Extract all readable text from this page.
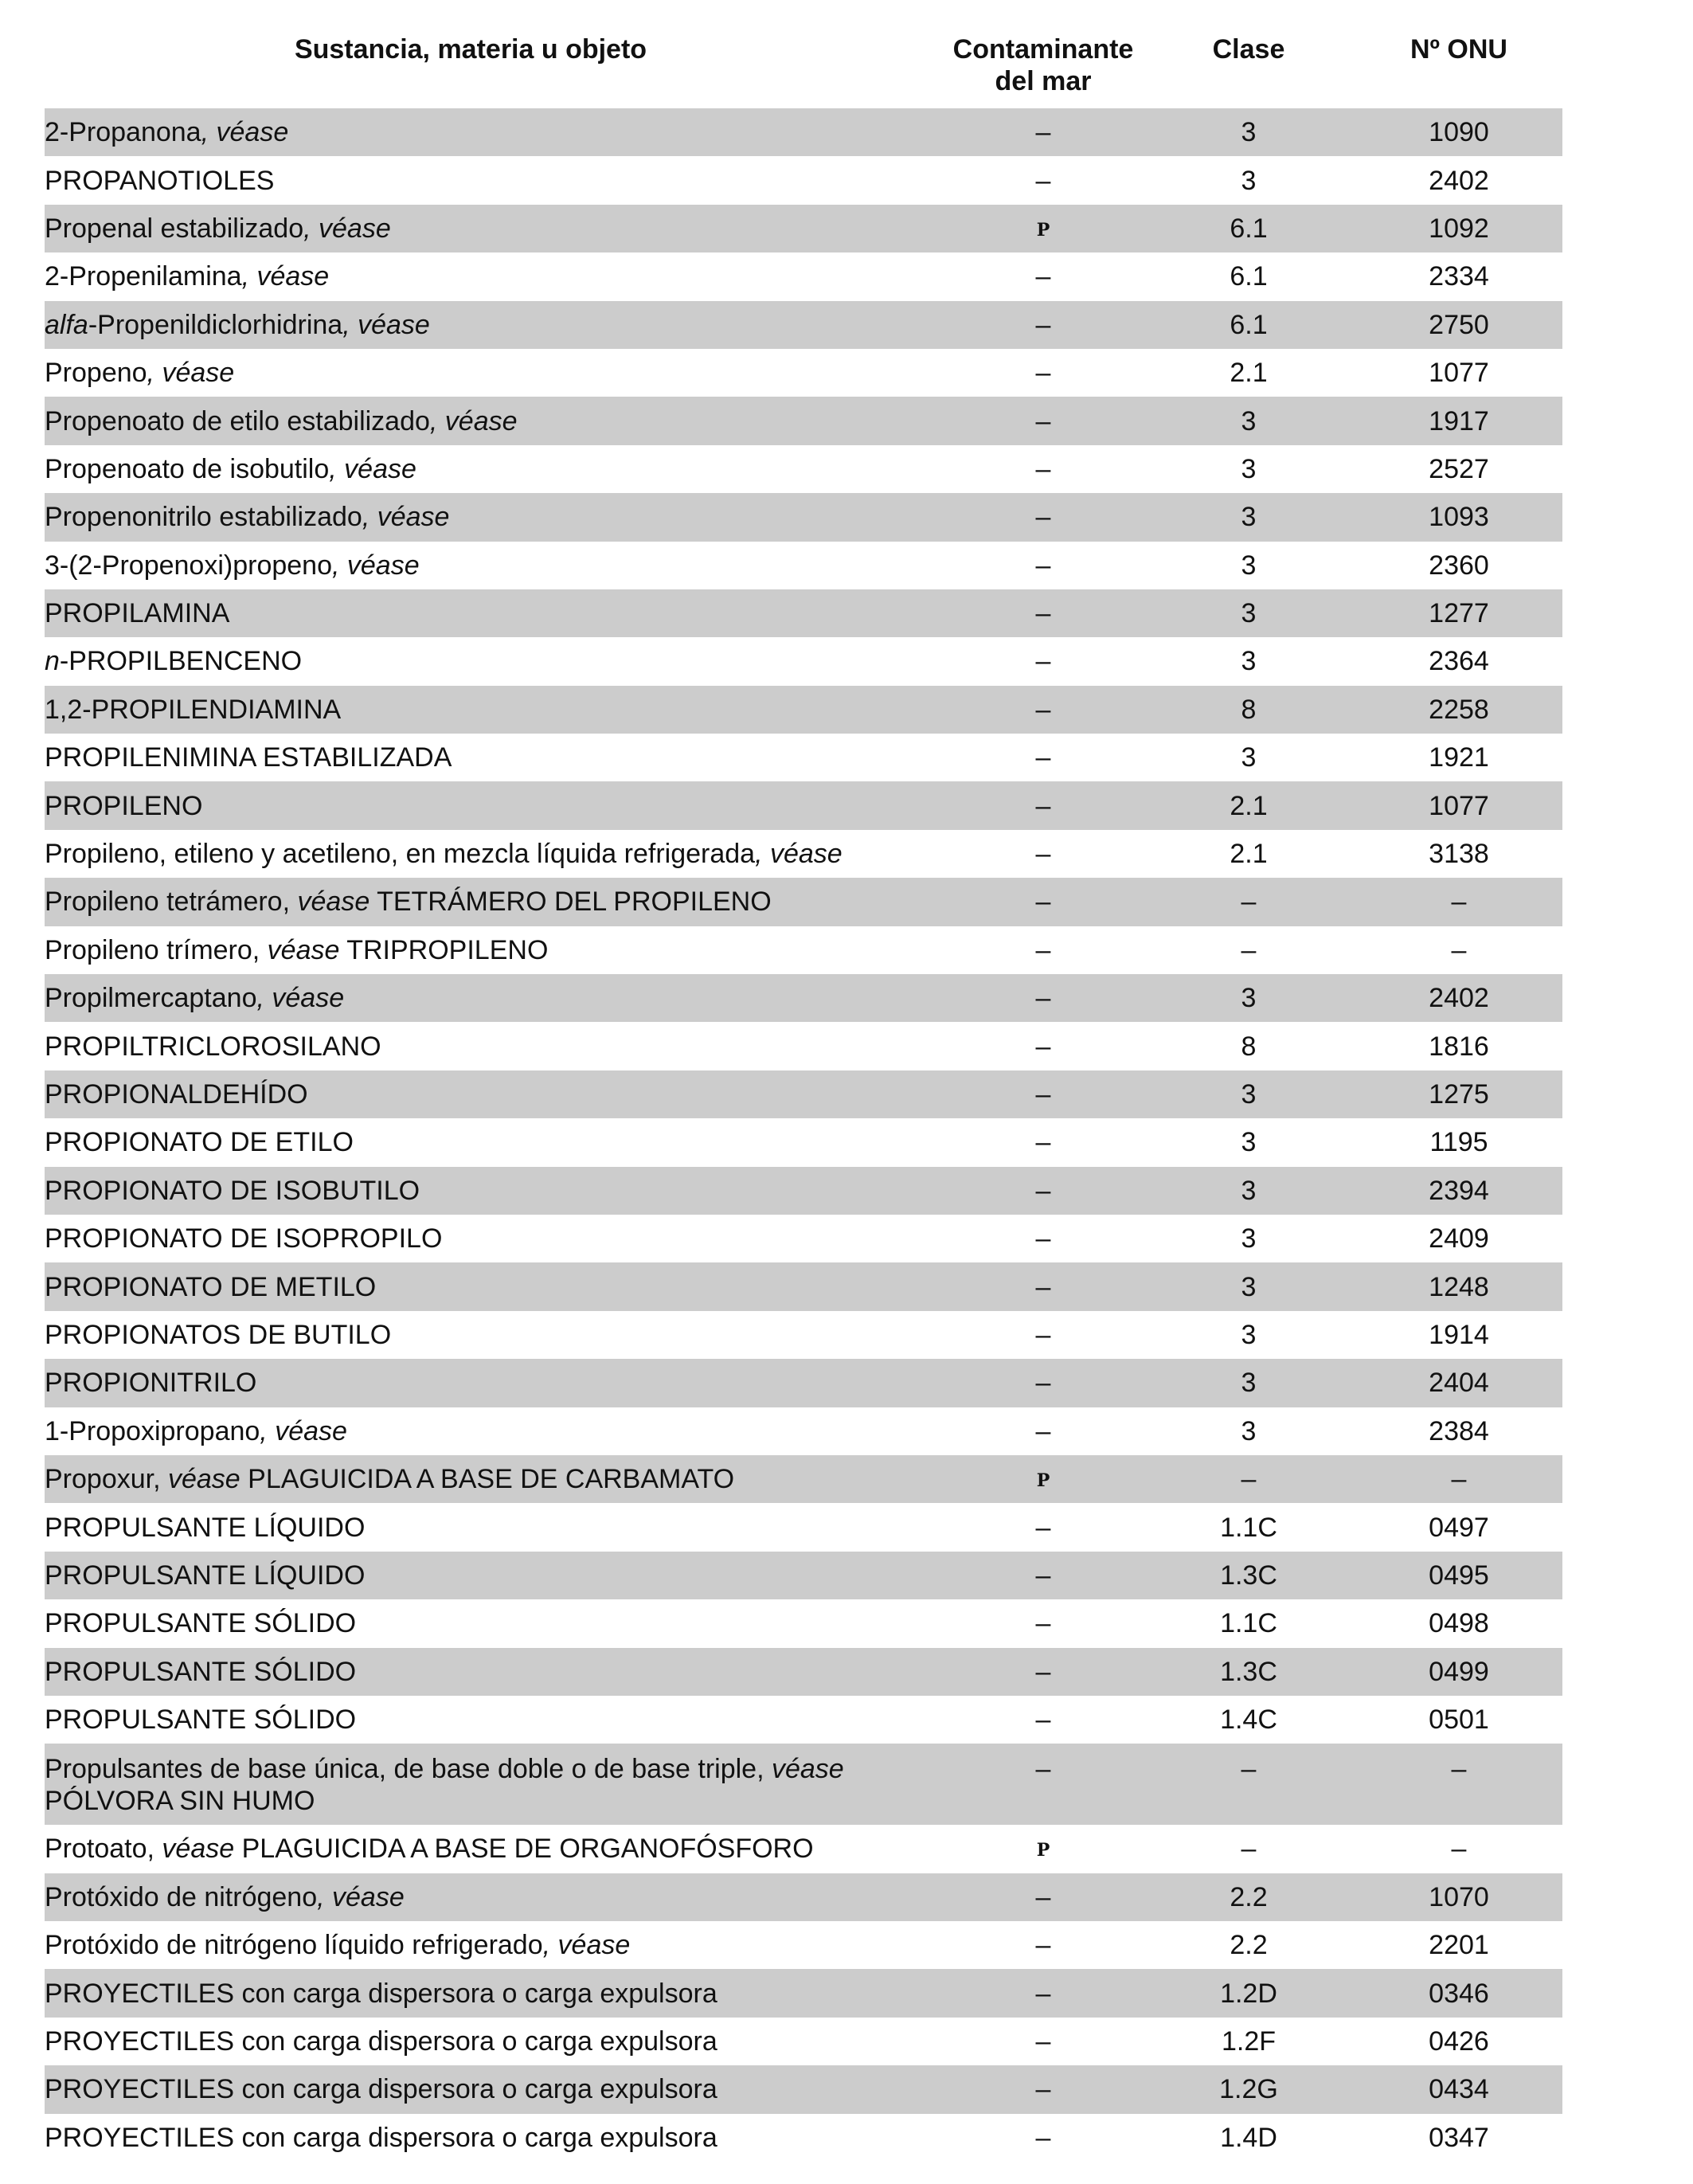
Sustancia, materia u objeto	Contaminante del mar	Clase	Nº ONU
2-Propanona, véase	–	3	1090
PROPANOTIOLES	–	3	2402
Propenal estabilizado, véase	P	6.1	1092
2-Propenilamina, véase	–	6.1	2334
alfa-Propenildiclorhidrina, véase	–	6.1	2750
Propeno, véase	–	2.1	1077
Propenoato de etilo estabilizado, véase	–	3	1917
Propenoato de isobutilo, véase	–	3	2527
Propenonitrilo estabilizado, véase	–	3	1093
3-(2-Propenoxi)propeno, véase	–	3	2360
PROPILAMINA	–	3	1277
n-PROPILBENCENO	–	3	2364
1,2-PROPILENDIAMINA	–	8	2258
PROPILENIMINA ESTABILIZADA	–	3	1921
PROPILENO	–	2.1	1077
Propileno, etileno y acetileno, en mezcla líquida refrigerada, véase	–	2.1	3138
Propileno tetrámero, véase TETRÁMERO DEL PROPILENO	–	–	–
Propileno trímero, véase TRIPROPILENO	–	–	–
Propilmercaptano, véase	–	3	2402
PROPILTRICLOROSILANO	–	8	1816
PROPIONALDEHÍDO	–	3	1275
PROPIONATO DE ETILO	–	3	1195
PROPIONATO DE ISOBUTILO	–	3	2394
PROPIONATO DE ISOPROPILO	–	3	2409
PROPIONATO DE METILO	–	3	1248
PROPIONATOS DE BUTILO	–	3	1914
PROPIONITRILO	–	3	2404
1-Propoxipropano, véase	–	3	2384
Propoxur, véase PLAGUICIDA A BASE DE CARBAMATO	P	–	–
PROPULSANTE LÍQUIDO	–	1.1C	0497
PROPULSANTE LÍQUIDO	–	1.3C	0495
PROPULSANTE SÓLIDO	–	1.1C	0498
PROPULSANTE SÓLIDO	–	1.3C	0499
PROPULSANTE SÓLIDO	–	1.4C	0501
Propulsantes de base única, de base doble o de base triple, véase
PÓLVORA SIN HUMO	–	–	–
Protoato, véase PLAGUICIDA A BASE DE ORGANOFÓSFORO	P	–	–
Protóxido de nitrógeno, véase	–	2.2	1070
Protóxido de nitrógeno líquido refrigerado, véase	–	2.2	2201
PROYECTILES con carga dispersora o carga expulsora	–	1.2D	0346
PROYECTILES con carga dispersora o carga expulsora	–	1.2F	0426
PROYECTILES con carga dispersora o carga expulsora	–	1.2G	0434
PROYECTILES con carga dispersora o carga expulsora	–	1.4D	0347
